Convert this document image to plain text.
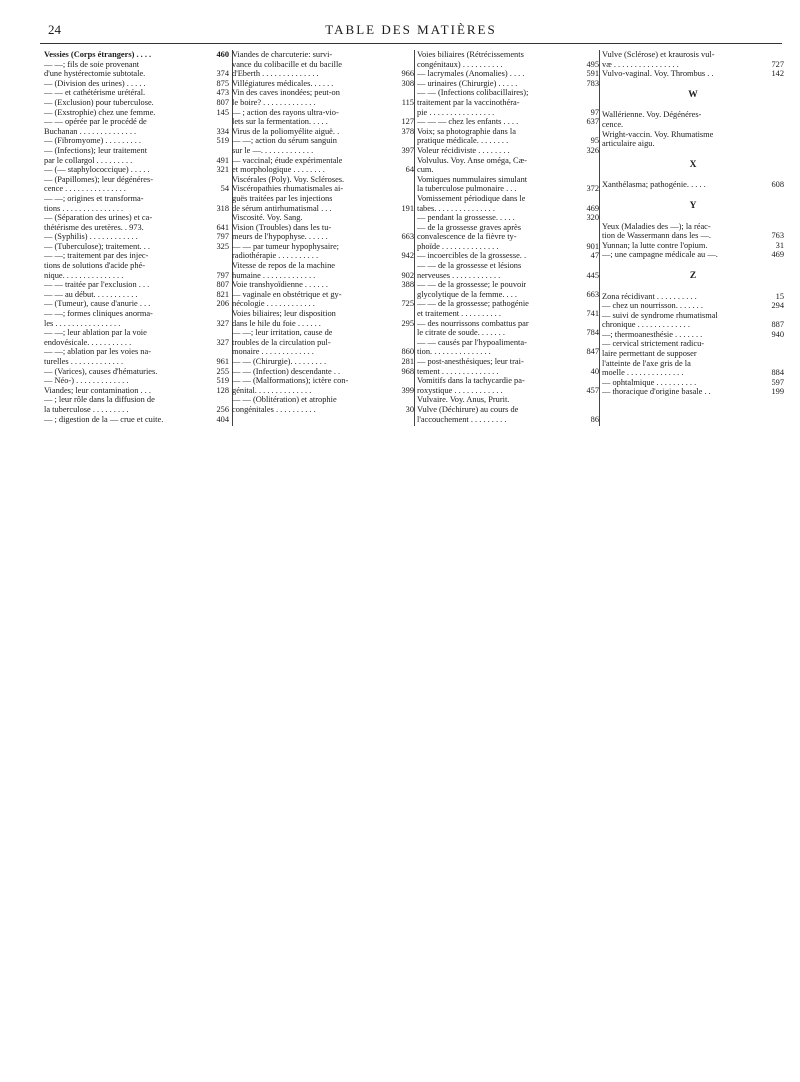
24	TABLE DES MATIÈRES
Vessies (Corps étrangers) . . . .	460
— —; fils de soie provenant
d'une hystérectomie subtotale.	374
— (Division des urines) . . . . .	875
— — et cathétérisme urétéral.	473
— (Exclusion) pour tuberculose.	807
— (Exstrophie) chez une femme.	145
— — opérée par le procédé de
Buchanan . . . . . . . . . . . . . .	334
— (Fibromyome) . . . . . . . . .	519
— (Infections); leur traitement
par le collargol . . . . . . . . .	491
— (— staphylococcique) . . . . .	321
— (Papillomes); leur dégénéres-
cence . . . . . . . . . . . . . . .	54
— —; origines et transforma-
tions . . . . . . . . . . . . . . .	318
— (Séparation des urines) et ca-
thétérisme des uretères. . 973.	641
— (Syphilis) . . . . . . . . . . . .	797
— (Tuberculose); traitement. . .	325
— —; traitement par des injec-
tions de solutions d'acide phé-
nique. . . . . . . . . . . . . . .	797
— — traitée par l'exclusion . . .	807
— — au début. . . . . . . . . . .	821
— (Tumeur), cause d'anurie . . .	206
— —; formes cliniques anorma-
les . . . . . . . . . . . . . . . .	327
— —; leur ablation par la voie
endovésicale. . . . . . . . . . .	327
— —; ablation par les voies na-
turelles . . . . . . . . . . . . .	961
— (Varices), causes d'hématuries.	255
— Néo-) . . . . . . . . . . . . .	519
Viandes; leur contamination . . .	128
— ; leur rôle dans la diffusion de
la tuberculose . . . . . . . . .	256
— ; digestion de la — crue et cuite.	404
Viandes de charcuterie: survi-
vance du colibacille et du bacille
d'Eberth . . . . . . . . . . . . . .	966
Villégiatures médicales. . . . . .	308
Vin des caves inondées; peut-on
le boire? . . . . . . . . . . . . .	115
— ; action des rayons ultra-vio-
lets sur la fermentation. . . . .	127
Virus de la poliomyélite aiguë. .	378
— —; action du sérum sanguin
sur le —. . . . . . . . . . . . .	397
— vaccinal; étude expérimentale
et morphologique . . . . . . . .	64
Viscérales (Poly). Voy. Scléroses.
Viscéropathies rhumatismales ai-
guës traitées par les injections
de sérum antirhumatismal . . .	191
Viscosité. Voy. Sang.
Vision (Troubles) dans les tu-
meurs de l'hypophyse. . . . . .	663
— — par tumeur hypophysaire;
radiothérapie . . . . . . . . . .	942
Vitesse de repos de la machine
humaine . . . . . . . . . . . . .	902
Voie transhyoïdienne . . . . . .	388
— vaginale en obstétrique et gy-
nécologie . . . . . . . . . . . .	725
Voies biliaires; leur disposition
dans le hile du foie . . . . . .	295
— —; leur irritation, cause de
troubles de la circulation pul-
monaire . . . . . . . . . . . . .	860
— — (Chirurgie). . . . . . . . .	281
— — (Infection) descendante . .	968
— — (Malformations); ictère con-
génital. . . . . . . . . . . . . .	399
— — (Oblitération) et atrophie
congénitales . . . . . . . . . .	30
Voies biliaires (Rétrécissements
congénitaux) . . . . . . . . . .	495
— lacrymales (Anomalies) . . . .	591
— urinaires (Chirurgie) . . . . .	783
— — (Infections colibacillaires);
traitement par la vaccinothéra-
pie . . . . . . . . . . . . . . . .	97
— — — chez les enfants . . . .	637
Voix; sa photographie dans la
pratique médicale. . . . . . . .	95
Voleur récidiviste . . . . . . . .	326
Volvulus. Voy. Anse oméga, Cæ-
cum.
Vomiques nummulaires simulant
la tuberculose pulmonaire . . .	372
Vomissement périodique dans le
tabes. . . . . . . . . . . . . . .	469
— pendant la grossesse. . . . .	320
— de la grossesse graves après
convalescence de la fièvre ty-
phoïde . . . . . . . . . . . . . .	901
— incoercibles de la grossesse. .	47
— — de la grossesse et lésions
nerveuses . . . . . . . . . . . .	445
— — de la grossesse; le pouvoir
glycolytique de la femme. . . .	663
— — de la grossesse; pathogénie
et traitement . . . . . . . . . .	741
— des nourrissons combattus par
le citrate de soude. . . . . . .	784
— — causés par l'hypoalimenta-
tion. . . . . . . . . . . . . . .	847
— post-anesthésiques; leur trai-
tement . . . . . . . . . . . . . .	40
Vomitifs dans la tachycardie pa-
roxystique . . . . . . . . . . . .	457
Vulvaire. Voy. Anus, Prurit.
Vulve (Déchirure) au cours de
l'accouchement . . . . . . . . .	86
Vulve (Sclérose) et kraurosis vul-
væ . . . . . . . . . . . . . . . .	727
Vulvo-vaginal. Voy. Thrombus . .	142
W
Wallérienne. Voy. Dégénéres-
cence.
Wright-vaccin. Voy. Rhumatisme
articulaire aigu.
X
Xanthélasma; pathogénie. . . . .	608
Y
Yeux (Maladies des —); la réac-
tion de Wassermann dans les —.	763
Yunnan; la lutte contre l'opium.	31
—; une campagne médicale au —.	469
Z
Zona récidivant . . . . . . . . . .	15
— chez un nourrisson. . . . . . .	294
— suivi de syndrome rhumatismal
chronique . . . . . . . . . . . . .	887
—; thermoanesthésie . . . . . . .	940
— cervical strictement radicu-
laire permettant de supposer
l'atteinte de l'axe gris de la
moelle . . . . . . . . . . . . . .	884
— ophtalmique . . . . . . . . . .	597
— thoracique d'origine basale . .	199
